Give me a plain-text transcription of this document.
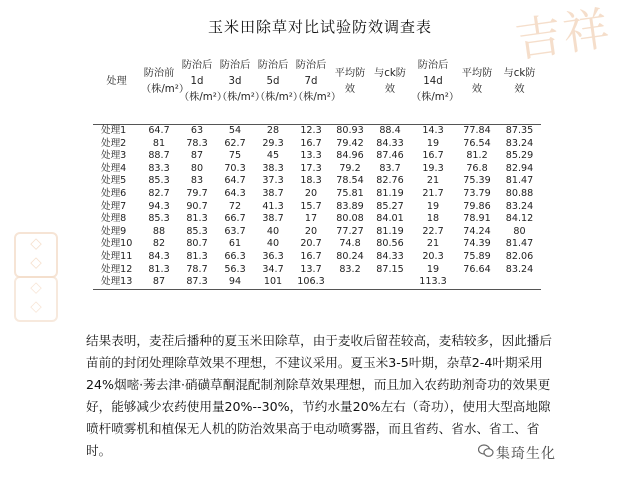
吉祥
◇
◇
◇
◇
玉米田除草对比试验防效调查表
处理	防治前（株/m²）	防治后1d（株/m²）	防治后3d（株/m²）	防治后5d（株/m²）	防治后7d（株/m²）	平均防效	与ck防效	防治后14d（株/m²）	平均防效	与ck防效
处理1	64.7	63	54	28	12.3	80.93	88.4	14.3	77.84	87.35
处理2	81	78.3	62.7	29.3	16.7	79.42	84.33	19	76.54	83.24
处理3	88.7	87	75	45	13.3	84.96	87.46	16.7	81.2	85.29
处理4	83.3	80	70.3	38.3	17.3	79.2	83.7	19.3	76.8	82.94
处理5	85.3	83	64.7	37.3	18.3	78.54	82.76	21	75.39	81.47
处理6	82.7	79.7	64.3	38.7	20	75.81	81.19	21.7	73.79	80.88
处理7	94.3	90.7	72	41.3	15.7	83.89	85.27	19	79.86	83.24
处理8	85.3	81.3	66.7	38.7	17	80.08	84.01	18	78.91	84.12
处理9	88	85.3	63.7	40	20	77.27	81.19	22.7	74.24	80
处理10	82	80.7	61	40	20.7	74.8	80.56	21	74.39	81.47
处理11	84.3	81.3	66.3	36.3	16.7	80.24	84.33	20.3	75.89	82.06
处理12	81.3	78.7	56.3	34.7	13.7	83.2	87.15	19	76.64	83.24
处理13	87	87.3	94	101	106.3			113.3		
结果表明，麦茬后播种的夏玉米田除草，由于麦收后留茬较高，麦秸较多，因此播后苗前的封闭处理除草效果不理想，不建议采用。夏玉米3-5叶期，杂草2-4叶期采用24%烟嘧·莠去津·硝磺草酮混配制剂除草效果理想，而且加入农药助剂奇功的效果更好，能够减少农药使用量20%--30%，节约水量20%左右（奇功），使用大型高地隙喷杆喷雾机和植保无人机的防治效果高于电动喷雾器，而且省药、省水、省工、省时。	集琦生化
